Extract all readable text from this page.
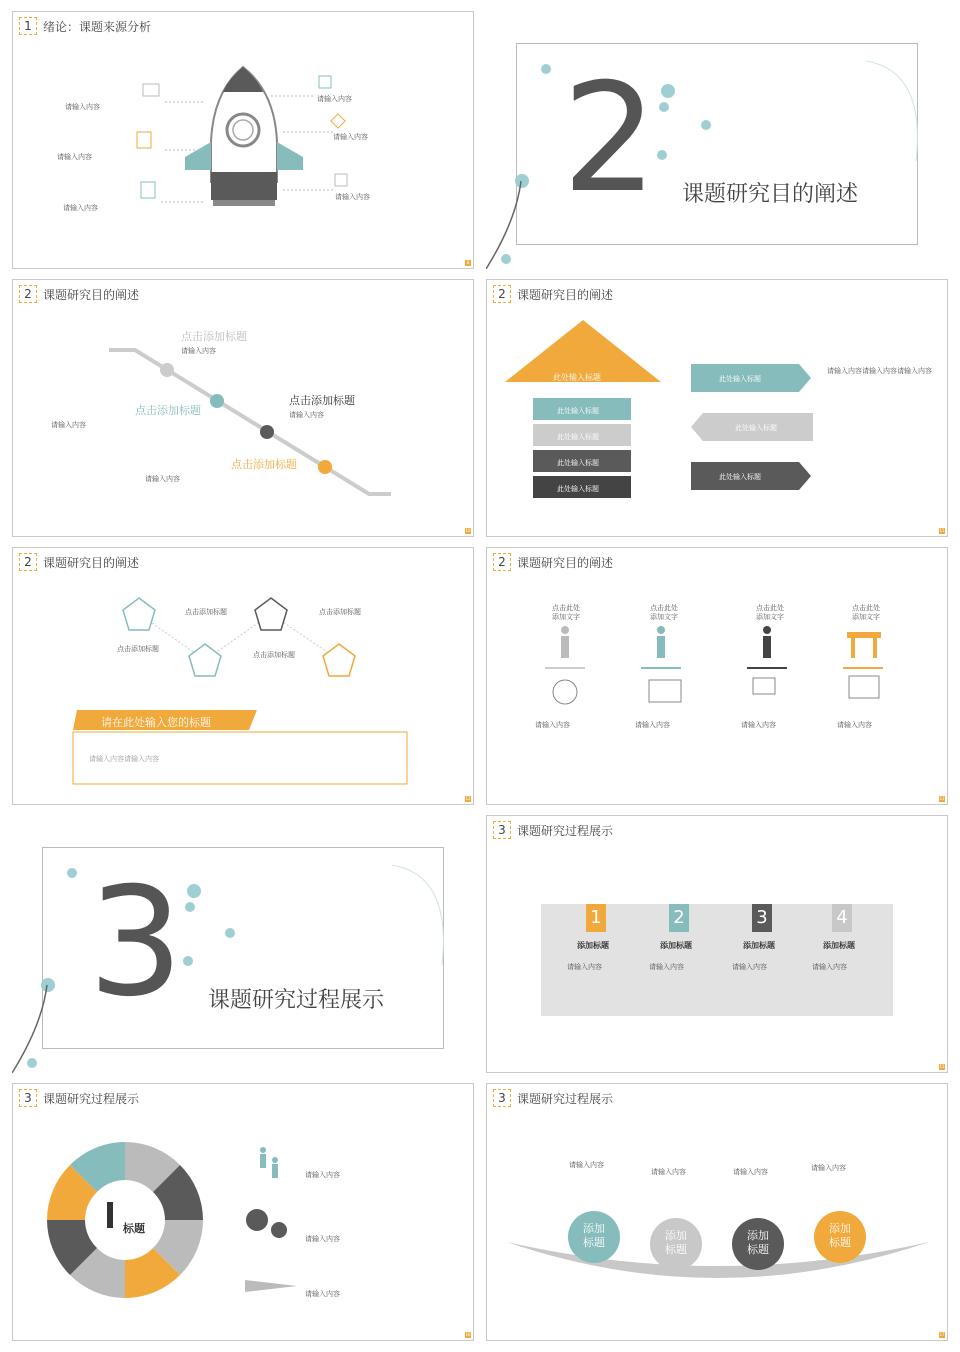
1 绪论：课题来源分析
请输入内容
请输入内容
请输入内容
请输入内容
请输入内容
请输入内容
8
2 课题研究目的阐述
2 课题研究目的阐述
点击添加标题
请输入内容
点击添加标题
点击添加标题
请输入内容
请输入内容
点击添加标题
请输入内容
10
2 课题研究目的阐述
此处输入标题
此处输入标题
此处输入标题
此处输入标题
此处输入标题
此处输入标题
此处输入标题
此处输入标题
请输入内容请输入内容请输入内容
11
2 课题研究目的阐述
点击添加标题
点击添加标题
点击添加标题
点击添加标题
请在此处输入您的标题
请输入内容请输入内容
12
2 课题研究目的阐述
点击此处添加文字
点击此处添加文字
点击此处添加文字
点击此处添加文字
请输入内容	请输入内容	请输入内容	请输入内容
13
3 课题研究过程展示
3 课题研究过程展示
1	2	3	4
添加标题	添加标题	添加标题	添加标题
请输入内容	请输入内容	请输入内容	请输入内容
15
3 课题研究过程展示
标题
请输入内容
请输入内容
请输入内容
16
3 课题研究过程展示
添加标题
添加标题
添加标题
添加标题
请输入内容
请输入内容	请输入内容	请输入内容
17
